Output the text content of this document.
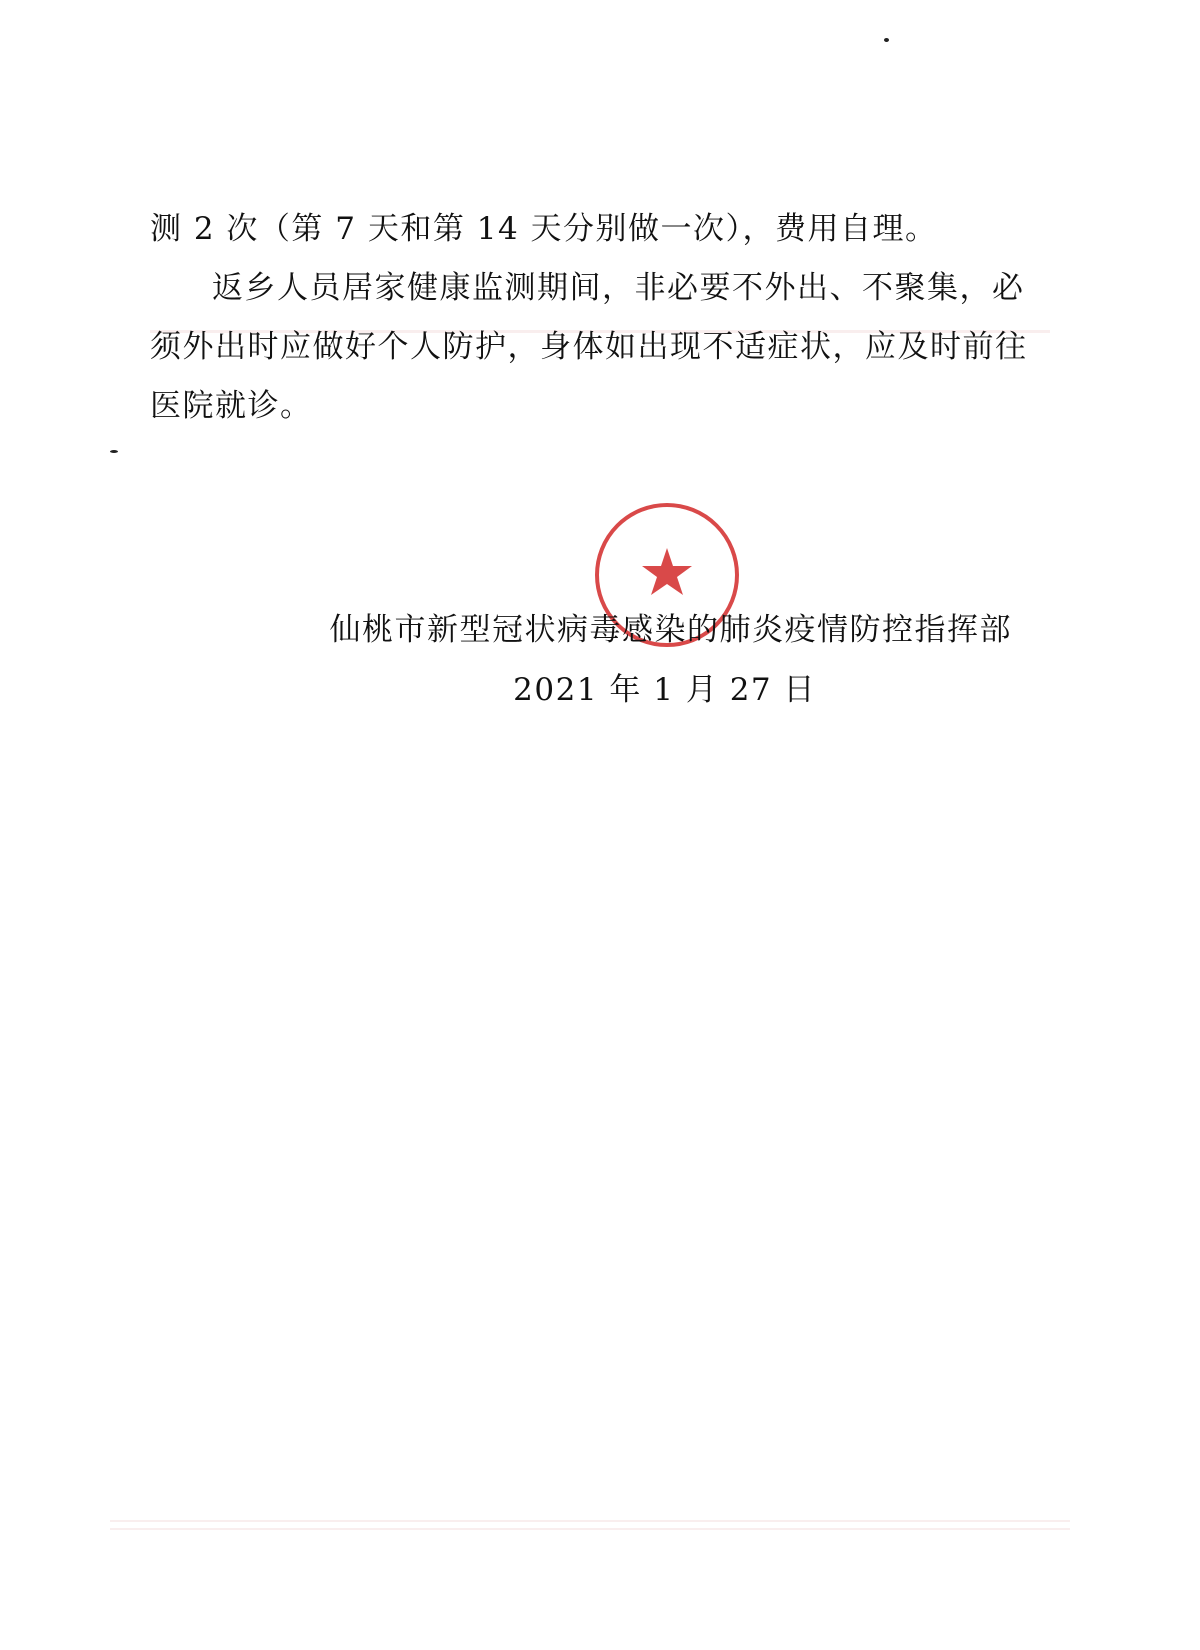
测 2 次（第 7 天和第 14 天分别做一次），费用自理。

返乡人员居家健康监测期间，非必要不外出、不聚集，必须外出时应做好个人防护，身体如出现不适症状，应及时前往医院就诊。

​
仙桃市新型冠状病毒感染的肺炎疫情防控指挥部
2021 年 1 月 27 日
